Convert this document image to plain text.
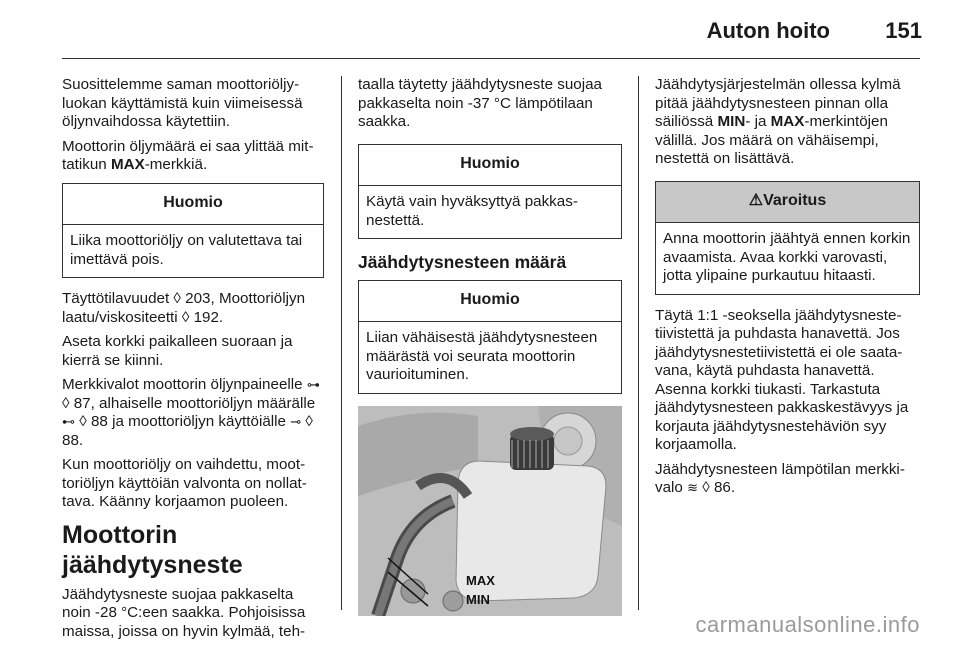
Auton hoito	151

Suosittelemme saman moottoriöljyluokan käyttämistä kuin viimeisessä öljynvaihdossa käytettiin.

Moottorin öljymäärä ei saa ylittää mittatikun MAX-merkkiä.

Huomio
Liika moottoriöljy on valutettava tai imettävä pois.

Täyttötilavuudet ◊ 203, Moottoriöljyn laatu/viskositeetti ◊ 192.

Aseta korkki paikalleen suoraan ja kierrä se kiinni.

Merkkivalot moottorin öljynpaineelle ⊶ ◊ 87, alhaiselle moottoriöljyn määrälle ⊷ ◊ 88 ja moottoriöljyn käyttöiälle ⊸ ◊ 88.

Kun moottoriöljy on vaihdettu, moottoriöljyn käyttöiän valvonta on nollattava. Käänny korjaamon puoleen.

Moottorin jäähdytysneste

Jäähdytysneste suojaa pakkaselta noin -28 °C:een saakka. Pohjoisissa maissa, joissa on hyvin kylmää, teh-

taalla täytetty jäähdytysneste suojaa pakkaselta noin -37 °C lämpötilaan saakka.

Huomio
Käytä vain hyväksyttyä pakkasnestettä.
Jäähdytysnesteen määrä
Huomio
Liian vähäisestä jäähdytysnesteen määrästä voi seurata moottorin vaurioituminen.
MAX
MIN

Jäähdytysjärjestelmän ollessa kylmä pitää jäähdytysnesteen pinnan olla säiliössä MIN- ja MAX-merkintöjen välillä. Jos määrä on vähäisempi, nestettä on lisättävä.

⚠Varoitus
Anna moottorin jäähtyä ennen korkin avaamista. Avaa korkki varovasti, jotta ylipaine purkautuu hitaasti.

Täytä 1:1 -seoksella jäähdytysnestetiivistettä ja puhdasta hanavettä. Jos jäähdytysnestetiivistettä ei ole saatavana, käytä puhdasta hanavettä. Asenna korkki tiukasti. Tarkastuta jäähdytysnesteen pakkaskestävyys ja korjauta jäähdytysnestehäviön syy korjaamolla.

Jäähdytysnesteen lämpötilan merkkivalo ≋ ◊ 86.

carmanualsonline.info
